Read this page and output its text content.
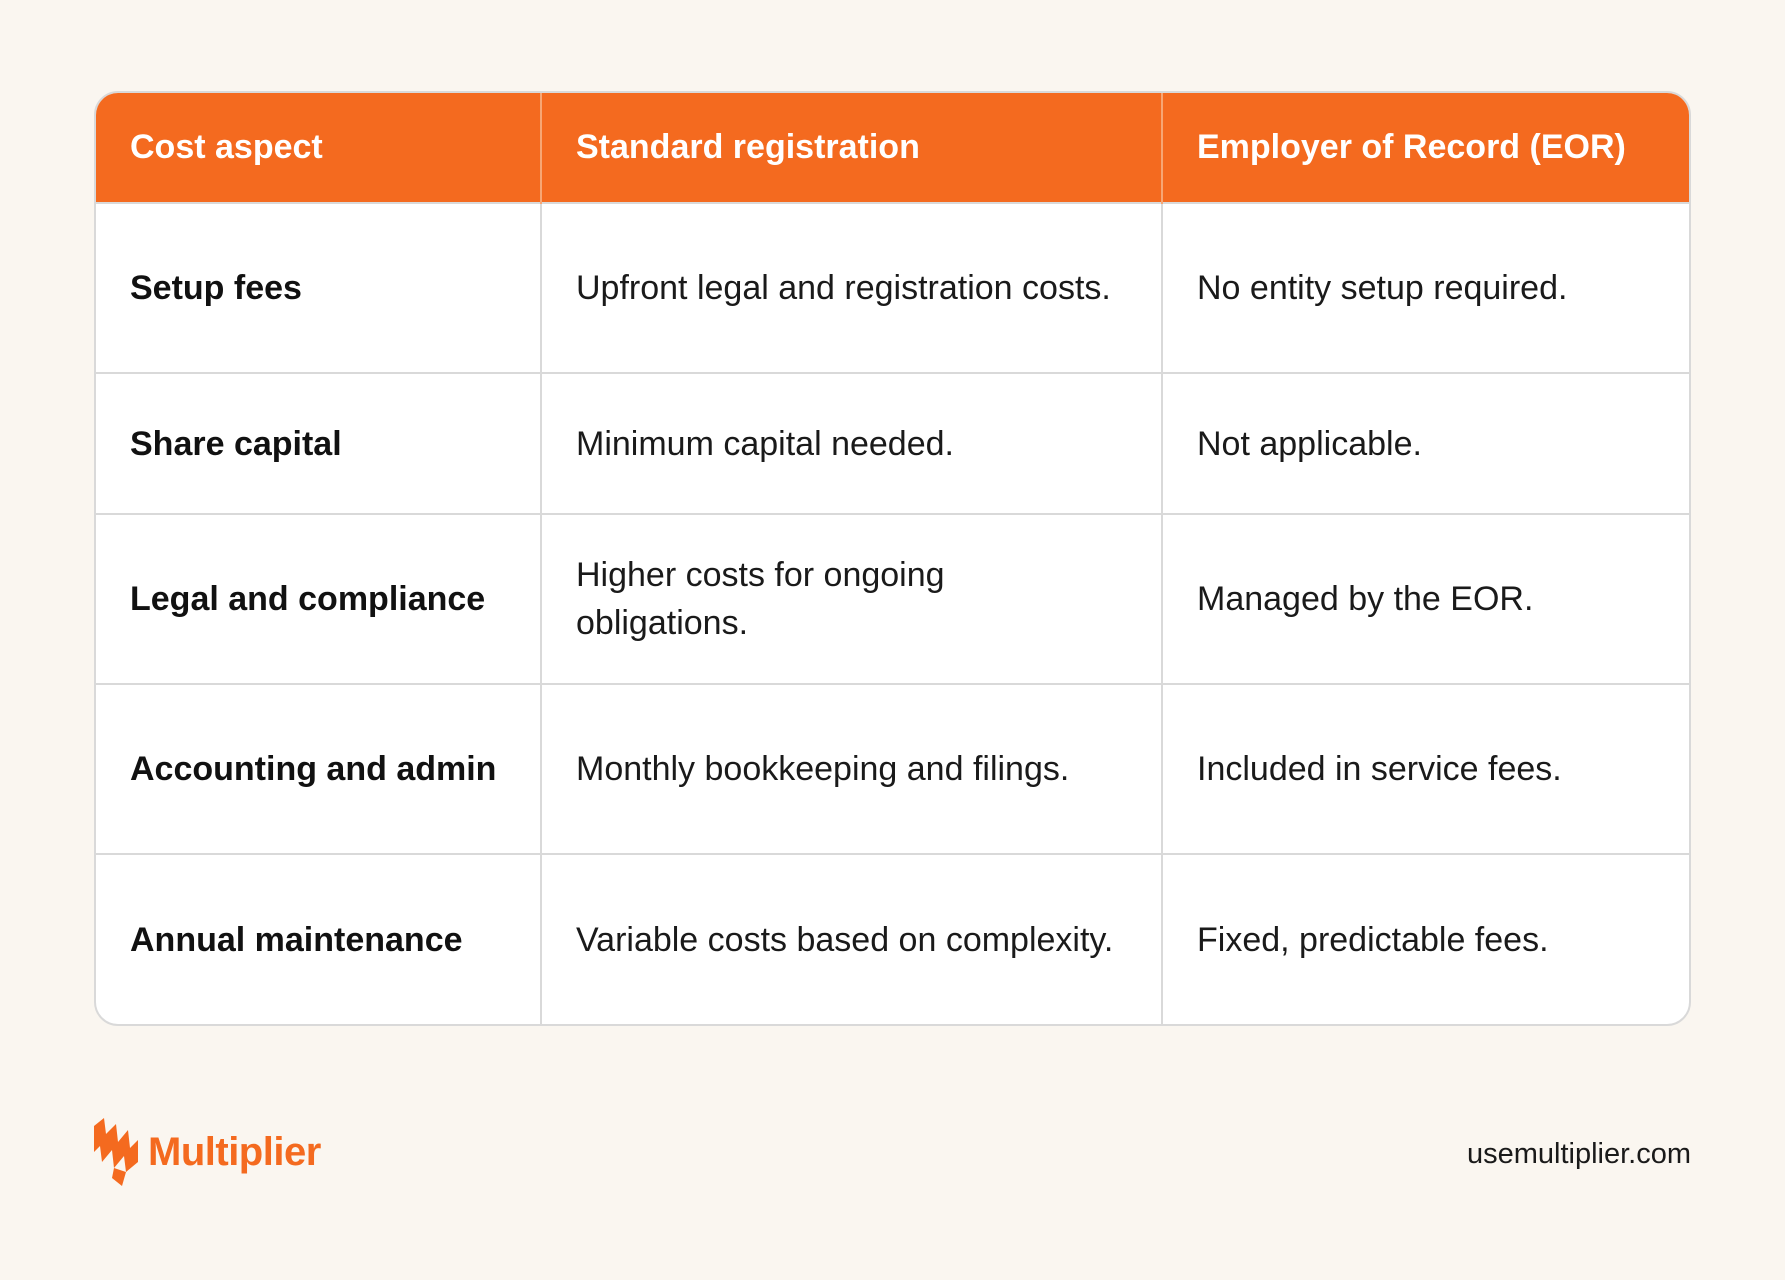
Cost aspect	Standard registration	Employer of Record (EOR)
Setup fees	Upfront legal and registration costs.	No entity setup required.
Share capital	Minimum capital needed.	Not applicable.
Legal and compliance	Higher costs for ongoing obligations.	Managed by the EOR.
Accounting and admin	Monthly bookkeeping and filings.	Included in service fees.
Annual maintenance	Variable costs based on complexity.	Fixed, predictable fees.
Multiplier	usemultiplier.com
